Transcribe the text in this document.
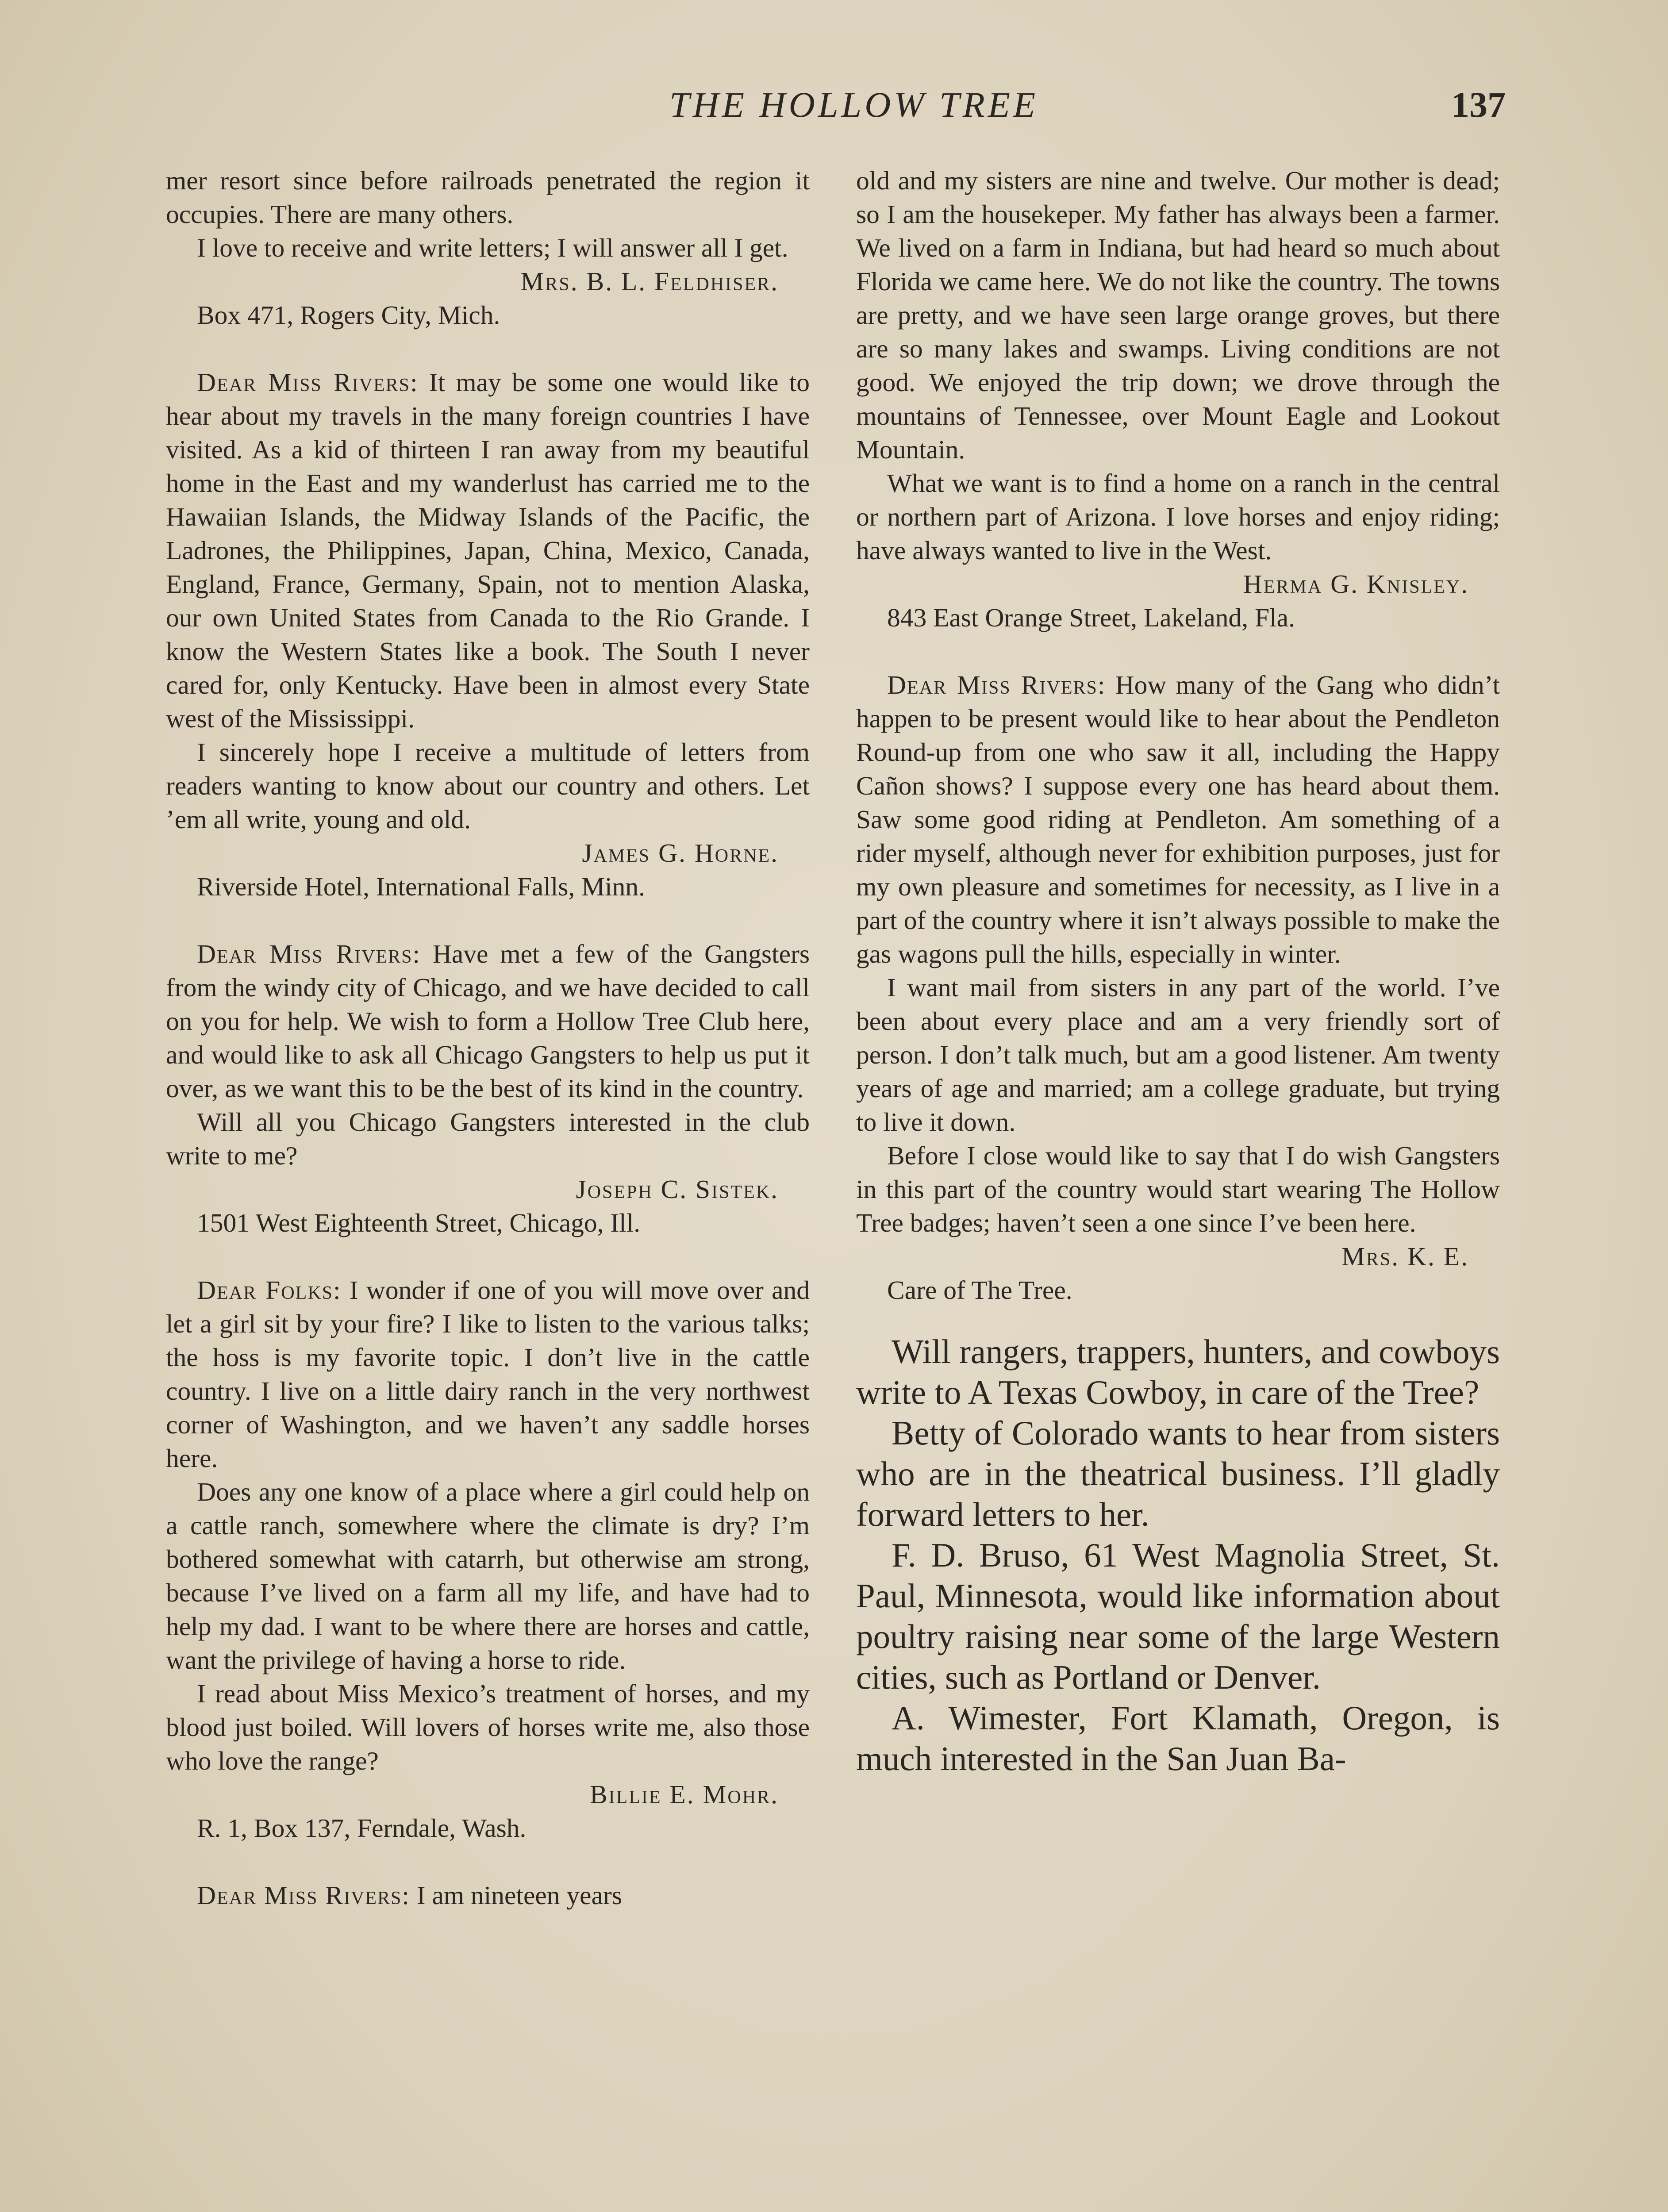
THE HOLLOW TREE	137

mer resort since before railroads penetrated the region it occupies. There are many others.

I love to receive and write letters; I will answer all I get.

Mrs. B. L. Feldhiser.

Box 471, Rogers City, Mich.

Dear Miss Rivers: It may be some one would like to hear about my travels in the many foreign countries I have visited. As a kid of thirteen I ran away from my beautiful home in the East and my wanderlust has carried me to the Hawaiian Islands, the Midway Islands of the Pacific, the Ladrones, the Philippines, Japan, China, Mexico, Canada, England, France, Germany, Spain, not to mention Alaska, our own United States from Canada to the Rio Grande. I know the Western States like a book. The South I never cared for, only Kentucky. Have been in almost every State west of the Mississippi.

I sincerely hope I receive a multitude of letters from readers wanting to know about our country and others. Let ’em all write, young and old.

James G. Horne.

Riverside Hotel, International Falls, Minn.

Dear Miss Rivers: Have met a few of the Gangsters from the windy city of Chicago, and we have decided to call on you for help. We wish to form a Hollow Tree Club here, and would like to ask all Chicago Gangsters to help us put it over, as we want this to be the best of its kind in the country.

Will all you Chicago Gangsters interested in the club write to me?

Joseph C. Sistek.

1501 West Eighteenth Street, Chicago, Ill.

Dear Folks: I wonder if one of you will move over and let a girl sit by your fire? I like to listen to the various talks; the hoss is my favorite topic. I don’t live in the cattle country. I live on a little dairy ranch in the very northwest corner of Washington, and we haven’t any saddle horses here.

Does any one know of a place where a girl could help on a cattle ranch, somewhere where the climate is dry? I’m bothered somewhat with catarrh, but otherwise am strong, because I’ve lived on a farm all my life, and have had to help my dad. I want to be where there are horses and cattle, want the privilege of having a horse to ride.

I read about Miss Mexico’s treatment of horses, and my blood just boiled. Will lovers of horses write me, also those who love the range?

Billie E. Mohr.

R. 1, Box 137, Ferndale, Wash.

Dear Miss Rivers: I am nineteen years

old and my sisters are nine and twelve. Our mother is dead; so I am the housekeper. My father has always been a farmer. We lived on a farm in Indiana, but had heard so much about Florida we came here. We do not like the country. The towns are pretty, and we have seen large orange groves, but there are so many lakes and swamps. Living conditions are not good. We enjoyed the trip down; we drove through the mountains of Tennessee, over Mount Eagle and Lookout Mountain.

What we want is to find a home on a ranch in the central or northern part of Arizona. I love horses and enjoy riding; have always wanted to live in the West.

Herma G. Knisley.

843 East Orange Street, Lakeland, Fla.

Dear Miss Rivers: How many of the Gang who didn’t happen to be present would like to hear about the Pendleton Round-up from one who saw it all, including the Happy Cañon shows? I suppose every one has heard about them. Saw some good riding at Pendleton. Am something of a rider myself, although never for exhibition purposes, just for my own pleasure and sometimes for necessity, as I live in a part of the country where it isn’t always possible to make the gas wagons pull the hills, especially in winter.

I want mail from sisters in any part of the world. I’ve been about every place and am a very friendly sort of person. I don’t talk much, but am a good listener. Am twenty years of age and married; am a college graduate, but trying to live it down.

Before I close would like to say that I do wish Gangsters in this part of the country would start wearing The Hollow Tree badges; haven’t seen a one since I’ve been here.

Mrs. K. E.

Care of The Tree.

Will rangers, trappers, hunters, and cowboys write to A Texas Cowboy, in care of the Tree?

Betty of Colorado wants to hear from sisters who are in the theatrical business. I’ll gladly forward letters to her.

F. D. Bruso, 61 West Magnolia Street, St. Paul, Minnesota, would like information about poultry raising near some of the large Western cities, such as Portland or Denver.

A. Wimester, Fort Klamath, Oregon, is much interested in the San Juan Ba-
